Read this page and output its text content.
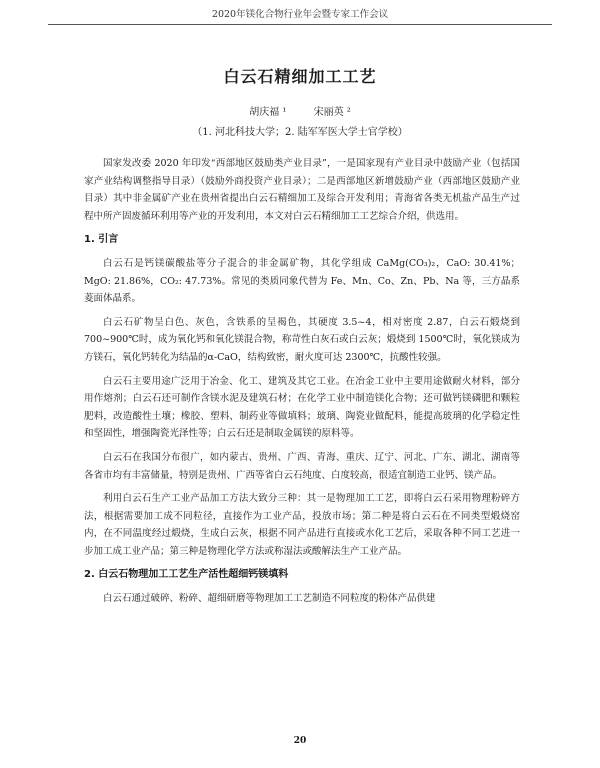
2020年镁化合物行业年会暨专家工作会议
白云石精细加工工艺
胡庆福 ¹	宋丽英 ²
（1. 河北科技大学；2. 陆军军医大学士官学校）

国家发改委 2020 年印发“西部地区鼓励类产业目录”，一是国家现有产业目录中鼓励产业（包括国家产业结构调整指导目录）（鼓励外商投资产业目录）；二是西部地区新增鼓励产业（西部地区鼓励产业目录）其中非金属矿产业在贵州省提出白云石精细加工及综合开发利用；青海省各类无机盐产品生产过程中所产固废循环利用等产业的开发利用，本文对白云石精细加工工艺综合介绍，供选用。

1. 引言

白云石是钙镁碳酸盐等分子混合的非金属矿物，其化学组成 CaMg(CO₃)₂，CaO: 30.41%；MgO: 21.86%，CO₂: 47.73%。常见的类质同象代替为 Fe、Mn、Co、Zn、Pb、Na 等，三方晶系菱面体晶系。

白云石矿物呈白色、灰色，含铁系的呈褐色，其硬度 3.5~4，相对密度 2.87，白云石煅烧到 700~900℃时，成为氧化钙和氧化镁混合物，称苛性白灰石或白云灰；煅烧到 1500℃时，氧化镁成为方镁石，氧化钙转化为结晶的α-CaO，结构致密，耐火度可达 2300℃，抗酸性较强。

白云石主要用途广泛用于冶金、化工、建筑及其它工业。在冶金工业中主要用途做耐火材料，部分用作熔剂；白云石还可制作含镁水泥及建筑石材；在化学工业中制造镁化合物；还可做钙镁磷肥和颗粒肥料，改造酸性土壤；橡胶、塑料、制药业等做填料；玻璃、陶瓷业做配料，能提高玻璃的化学稳定性和坚固性，增强陶瓷光泽性等；白云石还是制取金属镁的原料等。

白云石在我国分布很广，如内蒙古、贵州、广西、青海、重庆、辽宁、河北、广东、湖北、湖南等各省市均有丰富储量，特别是贵州、广西等省白云石纯度、白度较高，很适宜制造工业钙、镁产品。

利用白云石生产工业产品加工方法大致分三种：其一是物理加工工艺，即将白云石采用物理粉碎方法，根据需要加工成不同粒径，直接作为工业产品，投放市场；第二种是将白云石在不同类型煅烧窑内，在不同温度经过煅烧，生成白云灰，根据不同产品进行直接或水化工艺后，采取各种不同工艺进一步加工成工业产品；第三种是物理化学方法或称湿法或酸解法生产工业产品。

2. 白云石物理加工工艺生产活性超细钙镁填料

白云石通过破碎、粉碎、超细研磨等物理加工工艺制造不同粒度的粉体产品供建

20
